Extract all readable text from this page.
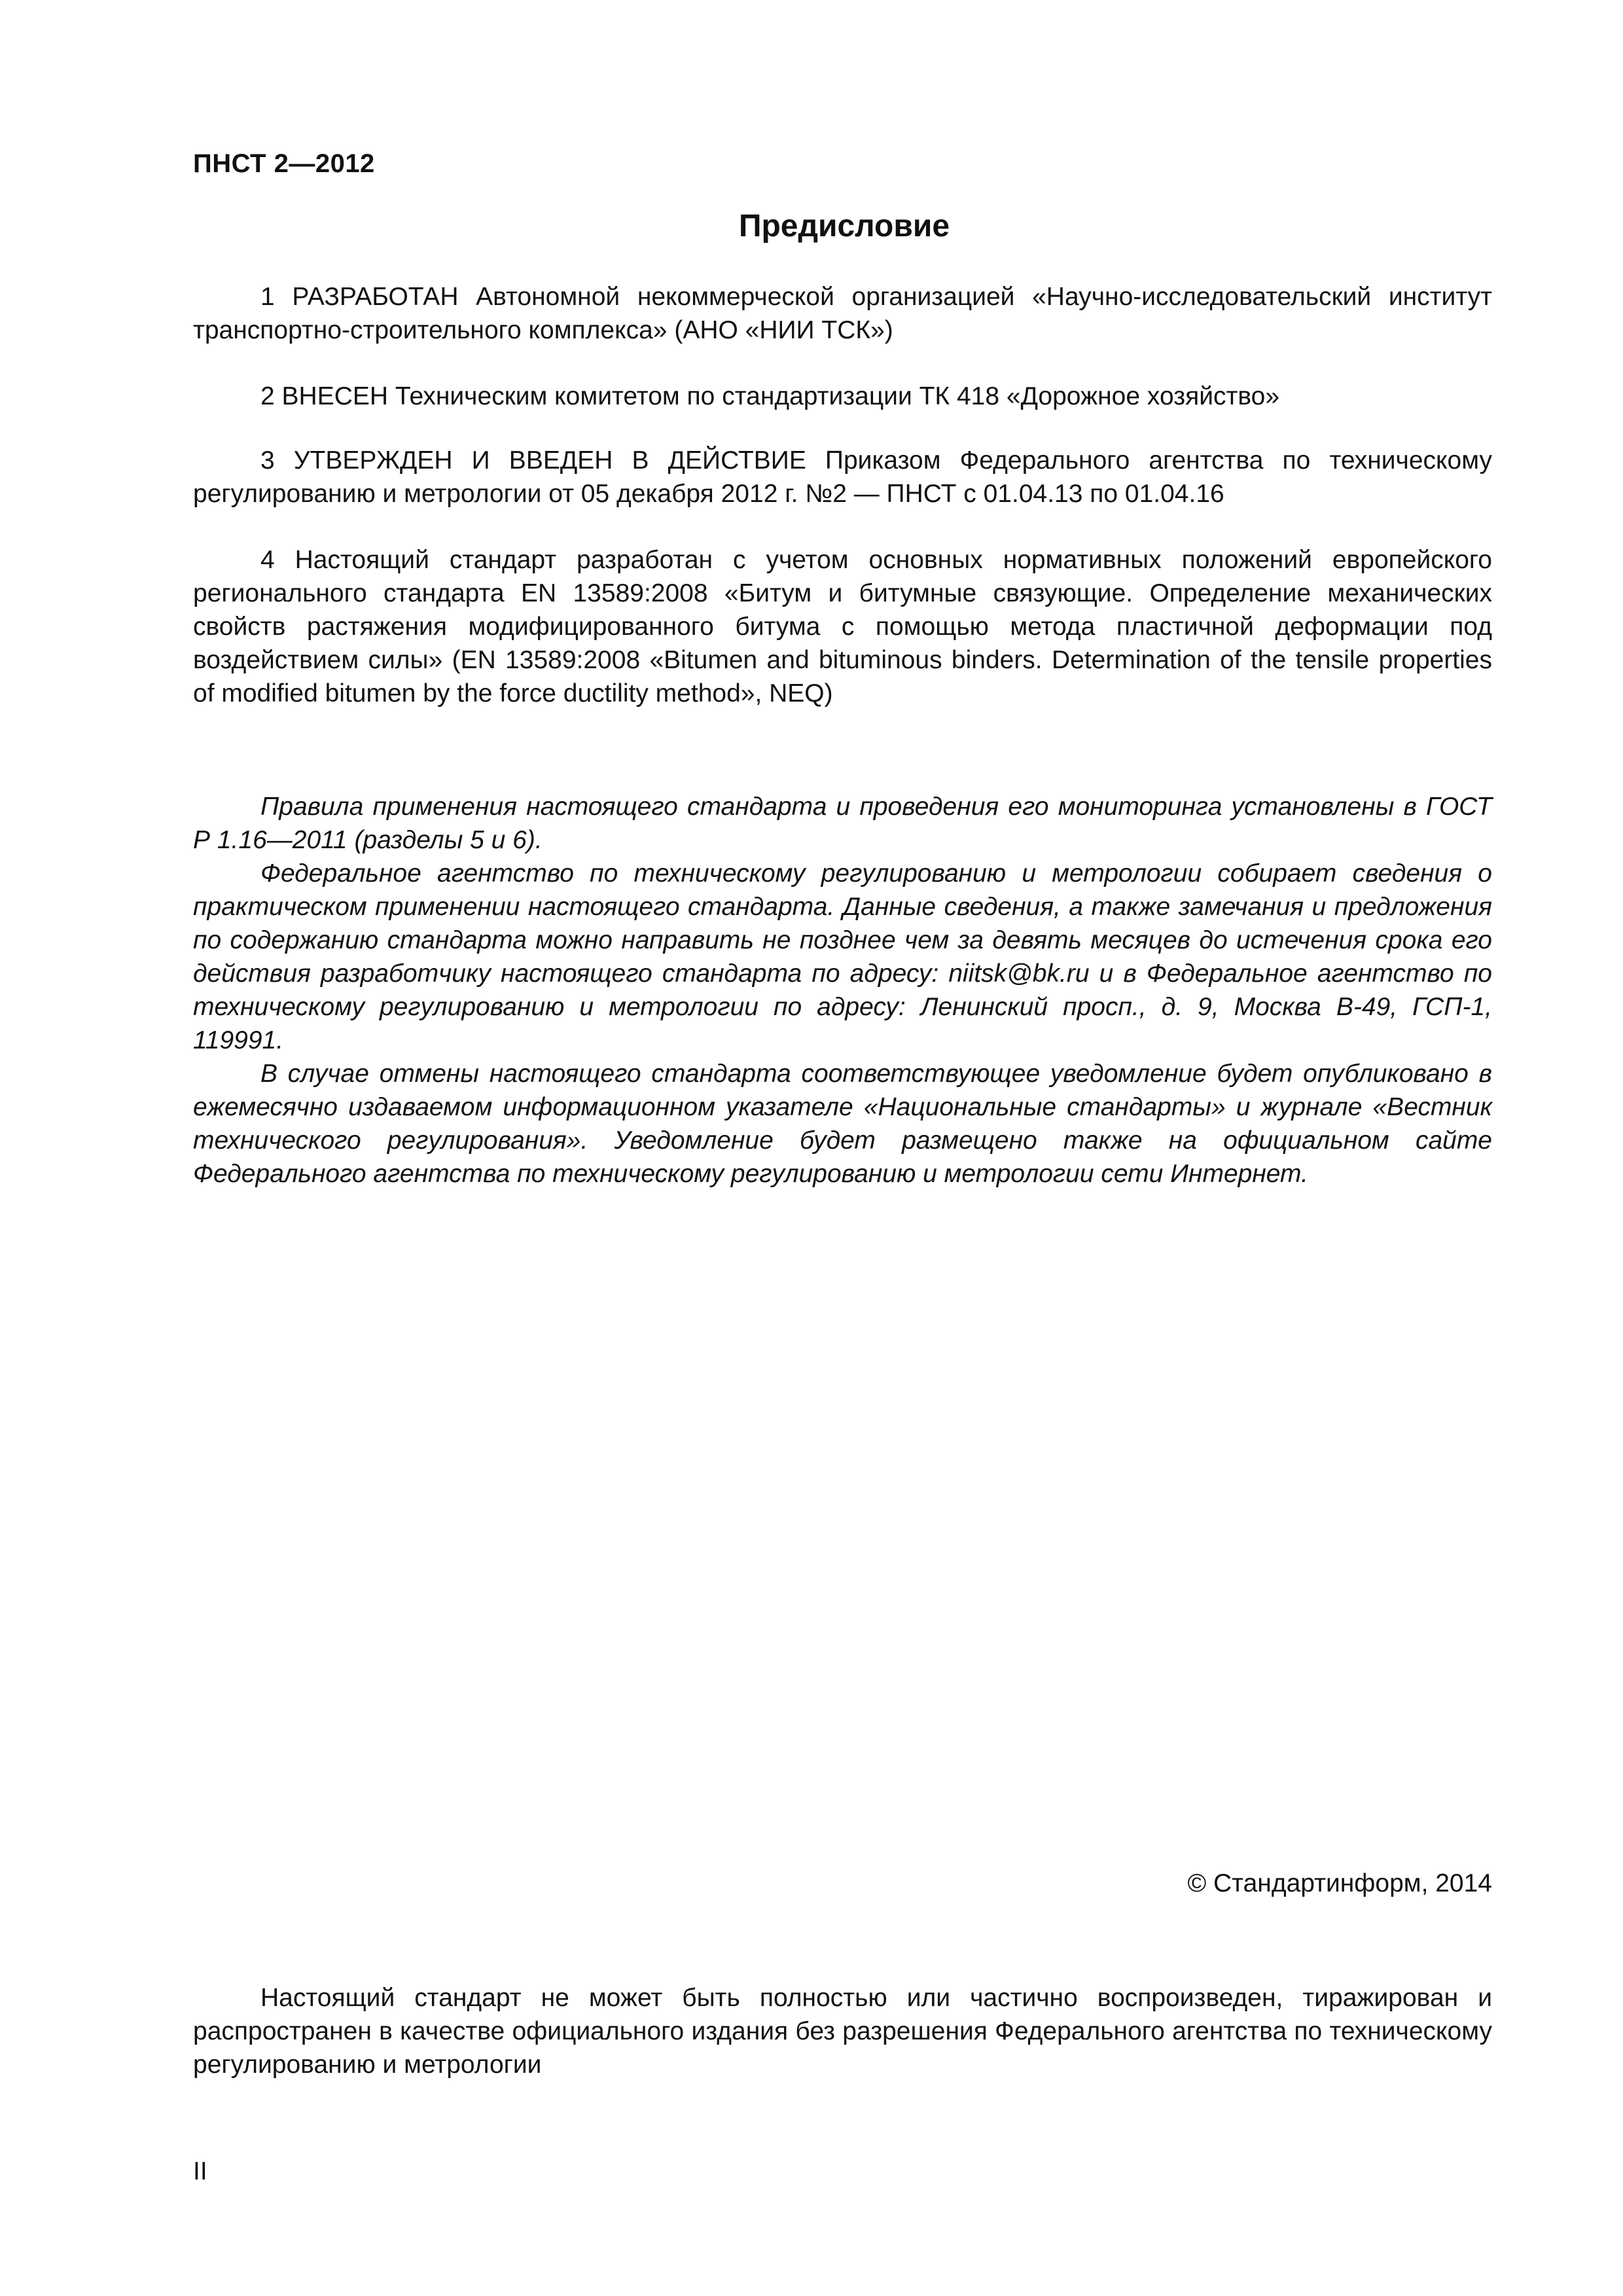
ПНСТ 2—2012
Предисловие

1 РАЗРАБОТАН Автономной некоммерческой организацией «Научно-исследовательский институт транспортно-строительного комплекса» (АНО «НИИ ТСК»)

2 ВНЕСЕН Техническим комитетом по стандартизации ТК 418 «Дорожное хозяйство»

3 УТВЕРЖДЕН И ВВЕДЕН В ДЕЙСТВИЕ Приказом Федерального агентства по техническому регулированию и метрологии от 05 декабря 2012 г. №2 — ПНСТ с 01.04.13 по 01.04.16

4 Настоящий стандарт разработан с учетом основных нормативных положений европейского регионального стандарта EN 13589:2008 «Битум и битумные связующие. Определение механических свойств растяжения модифицированного битума с помощью метода пластичной деформации под воздействием силы» (EN 13589:2008 «Bitumen and bituminous binders. Determination of the tensile properties of modified bitumen by the force ductility method», NEQ)

Правила применения настоящего стандарта и проведения его мониторинга установлены в ГОСТ Р 1.16—2011 (разделы 5 и 6).

Федеральное агентство по техническому регулированию и метрологии собирает сведения о практическом применении настоящего стандарта. Данные сведения, а также замечания и предложения по содержанию стандарта можно направить не позднее чем за девять месяцев до истечения срока его действия разработчику настоящего стандарта по адресу: niitsk@bk.ru и в Федеральное агентство по техническому регулированию и метрологии по адресу: Ленинский просп., д. 9, Москва В-49, ГСП-1, 119991.

В случае отмены настоящего стандарта соответствующее уведомление будет опубликовано в ежемесячно издаваемом информационном указателе «Национальные стандарты» и журнале «Вестник технического регулирования». Уведомление будет размещено также на официальном сайте Федерального агентства по техническому регулированию и метрологии сети Интернет.

© Стандартинформ, 2014

Настоящий стандарт не может быть полностью или частично воспроизведен, тиражирован и распространен в качестве официального издания без разрешения Федерального агентства по техническому регулированию и метрологии

II
